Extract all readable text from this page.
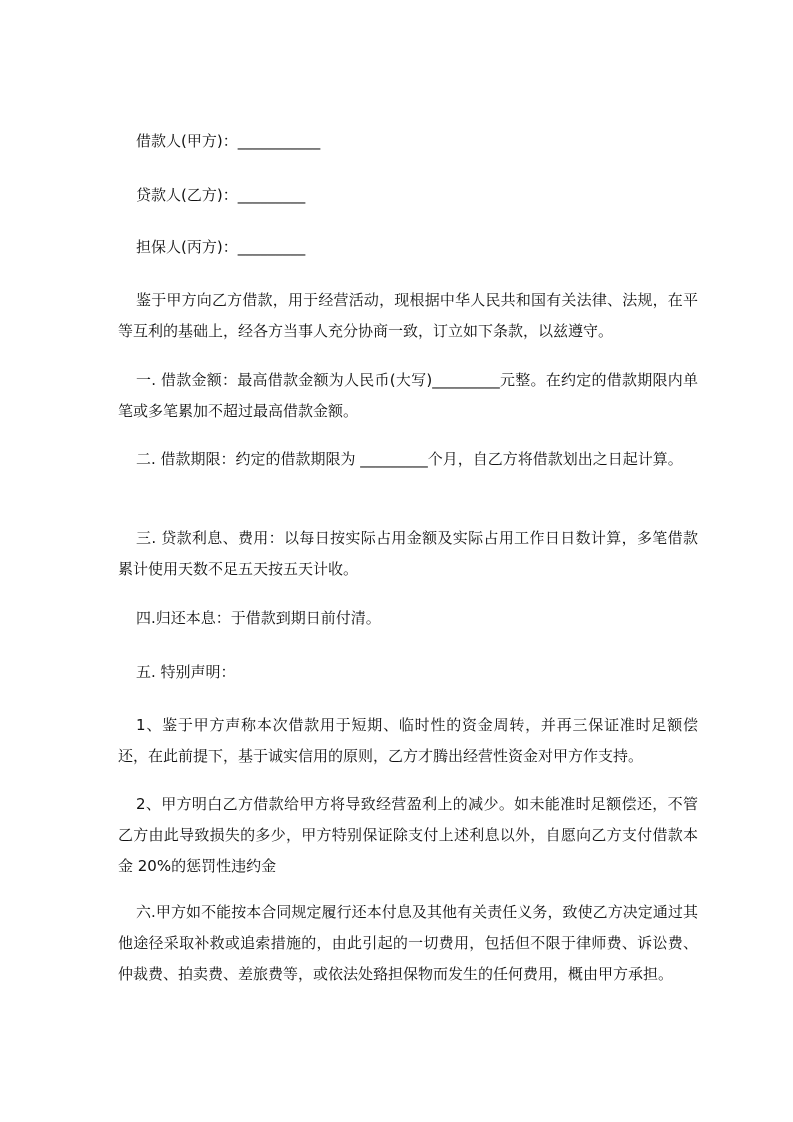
借款人(甲方)：___________

贷款人(乙方)：_________

担保人(丙方)：_________

鉴于甲方向乙方借款，用于经营活动，现根据中华人民共和国有关法律、法规，在平等互利的基础上，经各方当事人充分协商一致，订立如下条款，以兹遵守。

一. 借款金额：最高借款金额为人民币(大写)_________元整。在约定的借款期限内单笔或多笔累加不超过最高借款金额。

二. 借款期限：约定的借款期限为 _________个月，自乙方将借款划出之日起计算。

三. 贷款利息、费用：以每日按实际占用金额及实际占用工作日日数计算，多笔借款累计使用天数不足五天按五天计收。

四.归还本息：于借款到期日前付清。

五. 特别声明：

1、鉴于甲方声称本次借款用于短期、临时性的资金周转，并再三保证准时足额偿还，在此前提下，基于诚实信用的原则，乙方才腾出经营性资金对甲方作支持。

2、甲方明白乙方借款给甲方将导致经营盈利上的减少。如未能准时足额偿还，不管乙方由此导致损失的多少，甲方特别保证除支付上述利息以外，自愿向乙方支付借款本金 20%的惩罚性违约金

六.甲方如不能按本合同规定履行还本付息及其他有关责任义务，致使乙方决定通过其他途径采取补救或追索措施的，由此引起的一切费用，包括但不限于律师费、诉讼费、仲裁费、拍卖费、差旅费等，或依法处臵担保物而发生的任何费用，概由甲方承担。
